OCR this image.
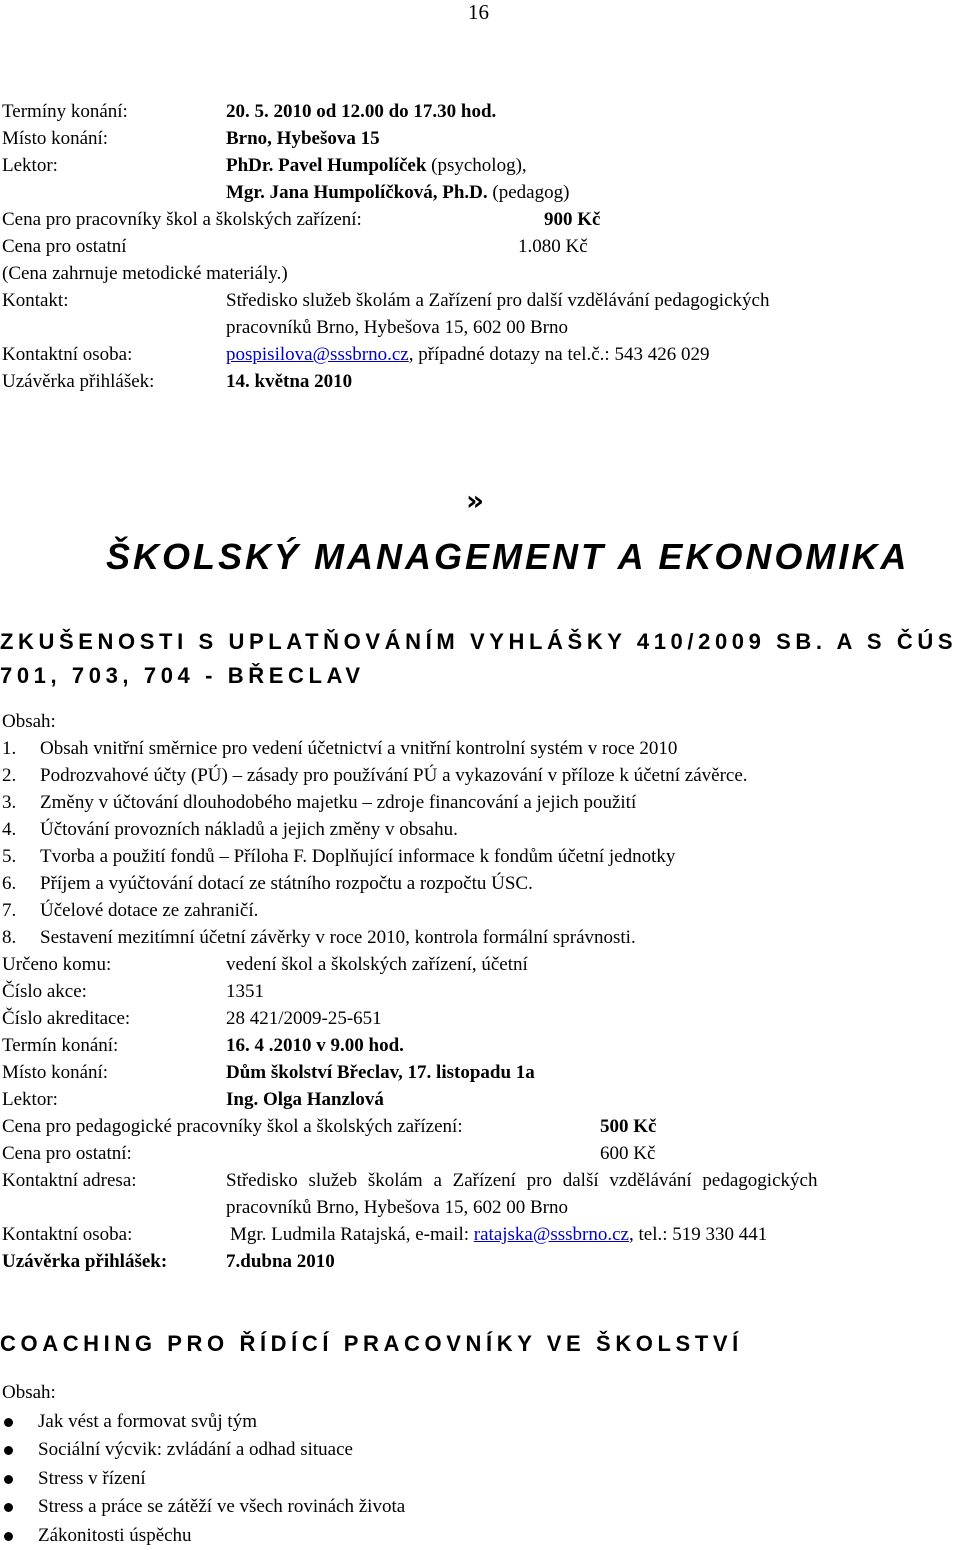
16
Termíny konání:	20. 5. 2010 od 12.00 do 17.30 hod.
Místo konání:	Brno, Hybešova 15
Lektor:	PhDr. Pavel Humpolíček (psycholog),
Mgr. Jana Humpolíčková, Ph.D. (pedagog)
Cena pro pracovníky škol a školských zařízení:	900 Kč
Cena pro ostatní	1.080 Kč
(Cena zahrnuje metodické materiály.)
Kontakt:	Středisko služeb školám a Zařízení pro další vzdělávání pedagogických
pracovníků Brno, Hybešova 15, 602 00 Brno
Kontaktní osoba:	pospisilova@sssbrno.cz, případné dotazy na tel.č.: 543 426 029
Uzávěrka přihlášek:	14. května 2010
»
ŠKOLSKÝ MANAGEMENT A EKONOMIKA
ZKUŠENOSTI S UPLATŇOVÁNÍM VYHLÁŠKY 410/2009 SB. A S ČÚS
701, 703, 704 - BŘECLAV
Obsah:
1. Obsah vnitřní směrnice pro vedení účetnictví a vnitřní kontrolní systém v roce 2010
2. Podrozvahové účty (PÚ) – zásady pro používání PÚ a vykazování v příloze k účetní závěrce.
3. Změny v účtování dlouhodobého majetku – zdroje financování a jejich použití
4. Účtování provozních nákladů a jejich změny v obsahu.
5. Tvorba a použití fondů – Příloha F. Doplňující informace k fondům účetní jednotky
6. Příjem a vyúčtování dotací ze státního rozpočtu a rozpočtu ÚSC.
7. Účelové dotace ze zahraničí.
8. Sestavení mezitímní účetní závěrky v roce 2010, kontrola formální správnosti.
Určeno komu:	vedení škol a školských zařízení, účetní
Číslo akce:	1351
Číslo akreditace:	28 421/2009-25-651
Termín konání:	16. 4 .2010 v 9.00 hod.
Místo konání:	Dům školství Břeclav, 17. listopadu 1a
Lektor:	Ing. Olga Hanzlová
Cena pro pedagogické pracovníky škol a školských zařízení:	500 Kč
Cena pro ostatní:	600 Kč
Kontaktní adresa:	Středisko služeb školám a Zařízení pro další vzdělávání pedagogických
pracovníků Brno, Hybešova 15, 602 00 Brno
Kontaktní osoba:	Mgr. Ludmila Ratajská, e-mail: ratajska@sssbrno.cz, tel.: 519 330 441
Uzávěrka přihlášek:	7.dubna 2010
COACHING PRO ŘÍDÍCÍ PRACOVNÍKY VE ŠKOLSTVÍ
Obsah:
Jak vést a formovat svůj tým
Sociální výcvik: zvládání a odhad situace
Stress v řízení
Stress a práce se zátěží ve všech rovinách života
Zákonitosti úspěchu
